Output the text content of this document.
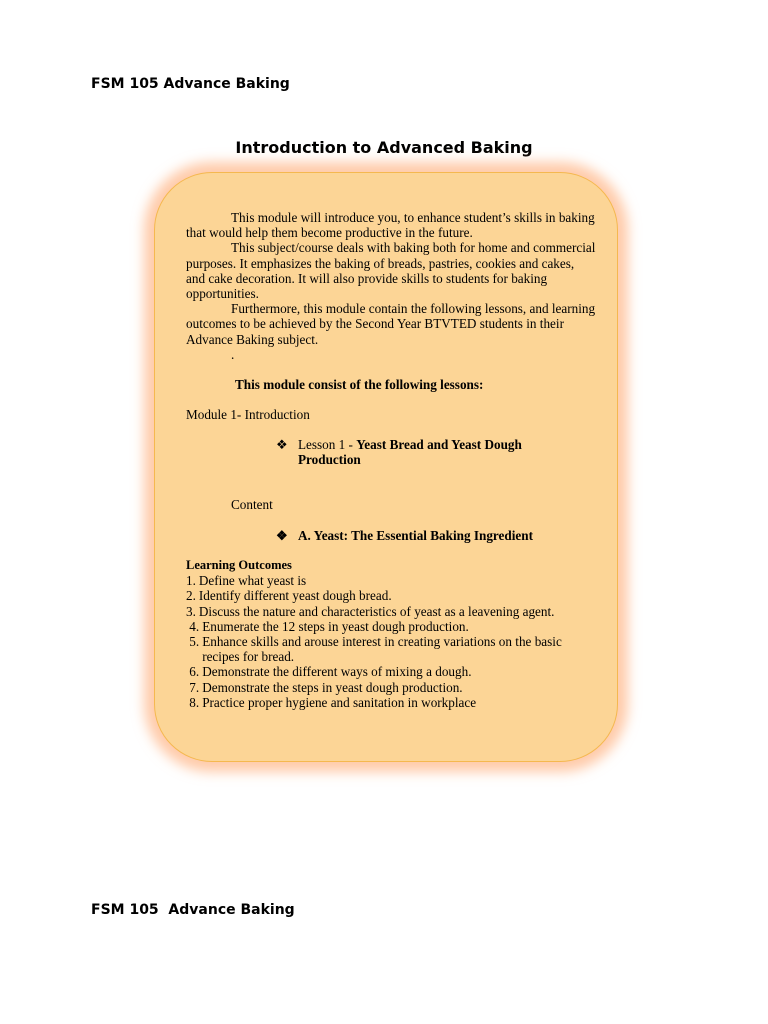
FSM 105 Advance Baking
Introduction to Advanced Baking

This module will introduce you, to enhance student’s skills in baking that would help them become productive in the future.

This subject/course deals with baking both for home and commercial purposes. It emphasizes the baking of breads, pastries, cookies and cakes, and cake decoration. It will also provide skills to students for baking opportunities.

Furthermore, this module contain the following lessons, and learning outcomes to be achieved by the Second Year BTVTED students in their Advance Baking subject.

.

This module consist of the following lessons:
Module 1- Introduction
❖ Lesson 1 - Yeast Bread and Yeast Dough Production
Content
❖ A. Yeast: The Essential Baking Ingredient
Learning Outcomes
1. Define what yeast is
2. Identify different yeast dough bread.
3. Discuss the nature and characteristics of yeast as a leavening agent.
4. Enumerate the 12 steps in yeast dough production.
5. Enhance skills and arouse interest in creating variations on the basic recipes for bread.
6. Demonstrate the different ways of mixing a dough.
7. Demonstrate the steps in yeast dough production.
8. Practice proper hygiene and sanitation in workplace
FSM 105  Advance Baking
